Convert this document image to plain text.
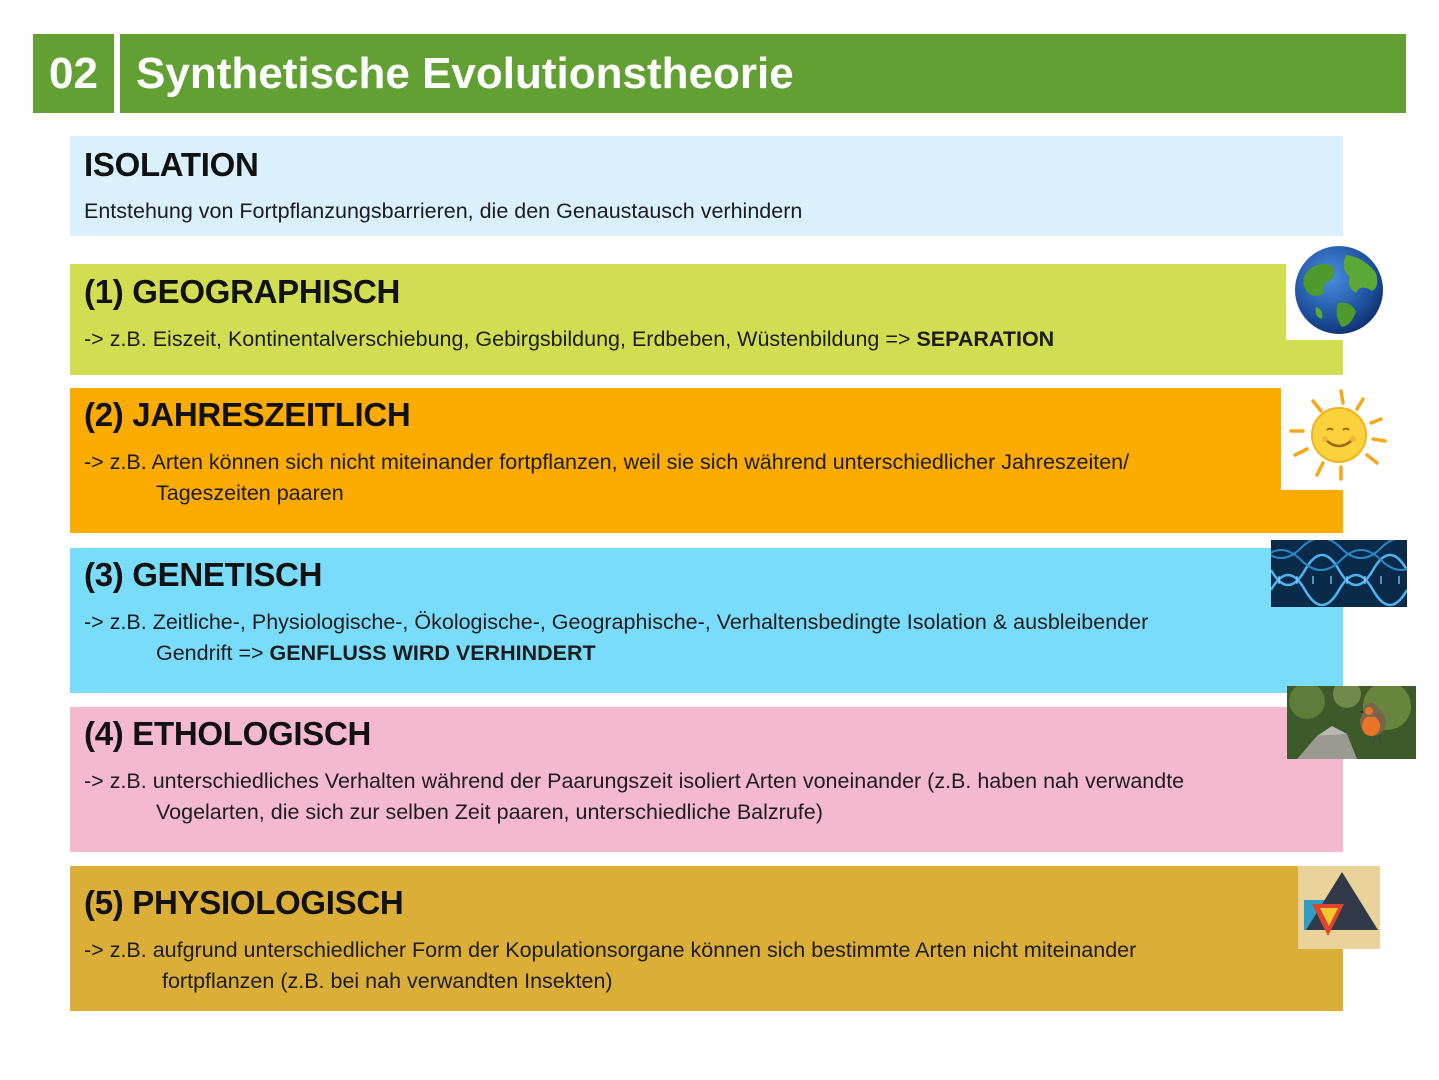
02 Synthetische Evolutionstheorie
ISOLATION

Entstehung von Fortpflanzungsbarrieren, die den Genaustausch verhindern

(1) GEOGRAPHISCH

-> z.B. Eiszeit, Kontinentalverschiebung, Gebirgsbildung, Erdbeben, Wüstenbildung => SEPARATION

(2) JAHRESZEITLICH

-> z.B. Arten können sich nicht miteinander fortpflanzen, weil sie sich während unterschiedlicher Jahreszeiten/
Tageszeiten paaren

(3) GENETISCH

-> z.B. Zeitliche-, Physiologische-, Ökologische-, Geographische-, Verhaltensbedingte Isolation & ausbleibender
Gendrift => GENFLUSS WIRD VERHINDERT

(4) ETHOLOGISCH

-> z.B. unterschiedliches Verhalten während der Paarungszeit isoliert Arten voneinander (z.B. haben nah verwandte
Vogelarten, die sich zur selben Zeit paaren, unterschiedliche Balzrufe)

(5) PHYSIOLOGISCH

-> z.B. aufgrund unterschiedlicher Form der Kopulationsorgane können sich bestimmte Arten nicht miteinander
fortpflanzen (z.B. bei nah verwandten Insekten)
